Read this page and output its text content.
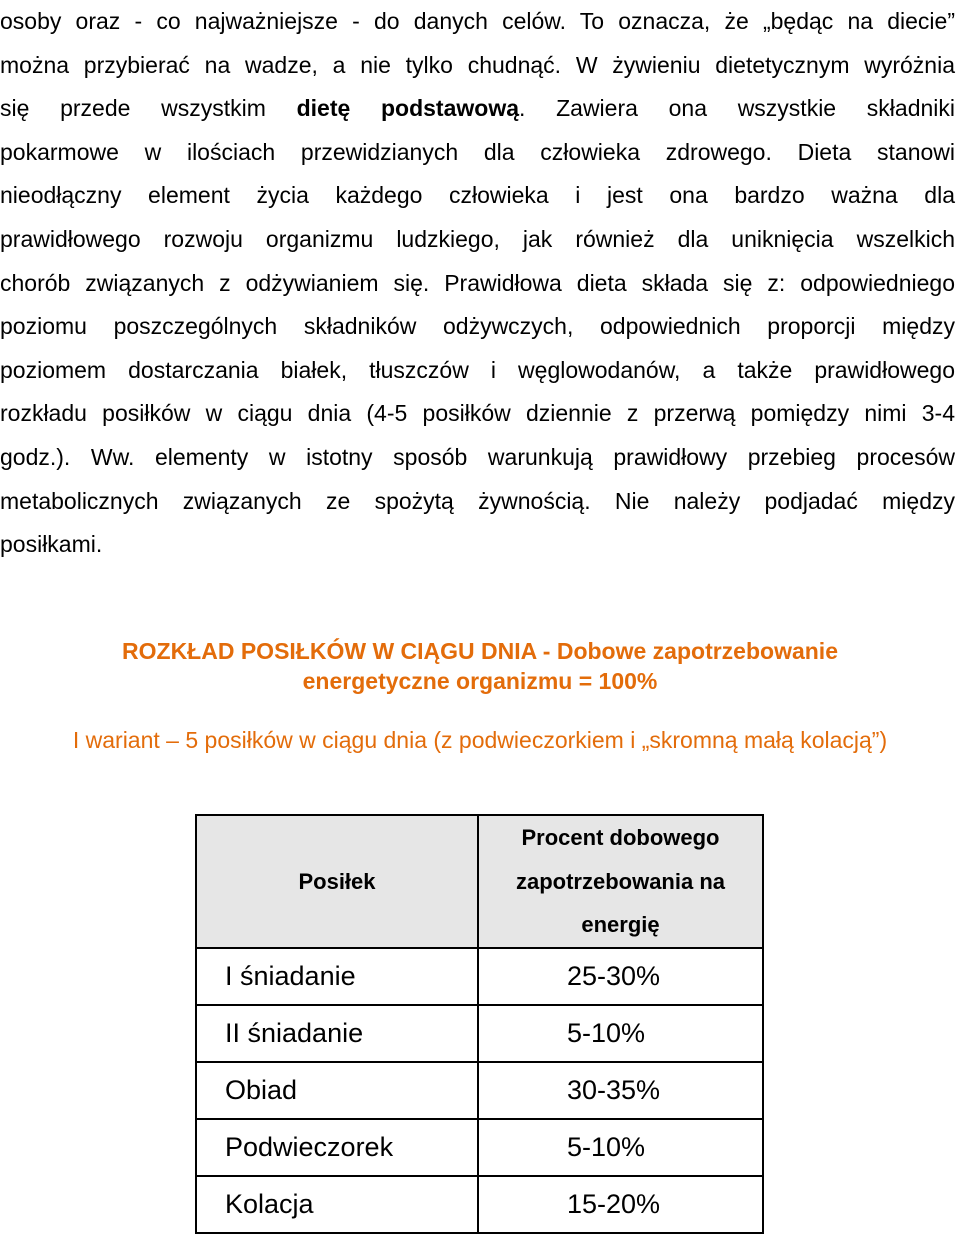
osoby oraz - co najważniejsze - do danych celów. To oznacza, że „będąc na diecie”
można przybierać na wadze, a nie tylko chudnąć. W żywieniu dietetycznym wyróżnia
się przede wszystkim dietę podstawową. Zawiera ona wszystkie składniki
pokarmowe w ilościach przewidzianych dla człowieka zdrowego. Dieta stanowi
nieodłączny element życia każdego człowieka i jest ona bardzo ważna dla
prawidłowego rozwoju organizmu ludzkiego, jak również dla uniknięcia wszelkich
chorób związanych z odżywianiem się. Prawidłowa dieta składa się z: odpowiedniego
poziomu poszczególnych składników odżywczych, odpowiednich proporcji między
poziomem dostarczania białek, tłuszczów i węglowodanów, a także prawidłowego
rozkładu posiłków w ciągu dnia (4-5 posiłków dziennie z przerwą pomiędzy nimi 3-4
godz.). Ww. elementy w istotny sposób warunkują prawidłowy przebieg procesów
metabolicznych związanych ze spożytą żywnością. Nie należy podjadać między
posiłkami.
ROZKŁAD POSIŁKÓW W CIĄGU DNIA - Dobowe zapotrzebowanie
energetyczne organizmu = 100%
I wariant – 5 posiłków w ciągu dnia (z podwieczorkiem i „skromną małą kolacją”)
Posiłek	Procent dobowego
zapotrzebowania na
energię

I śniadanie	25-30%
II śniadanie	5-10%
Obiad	30-35%
Podwieczorek	5-10%
Kolacja	15-20%
